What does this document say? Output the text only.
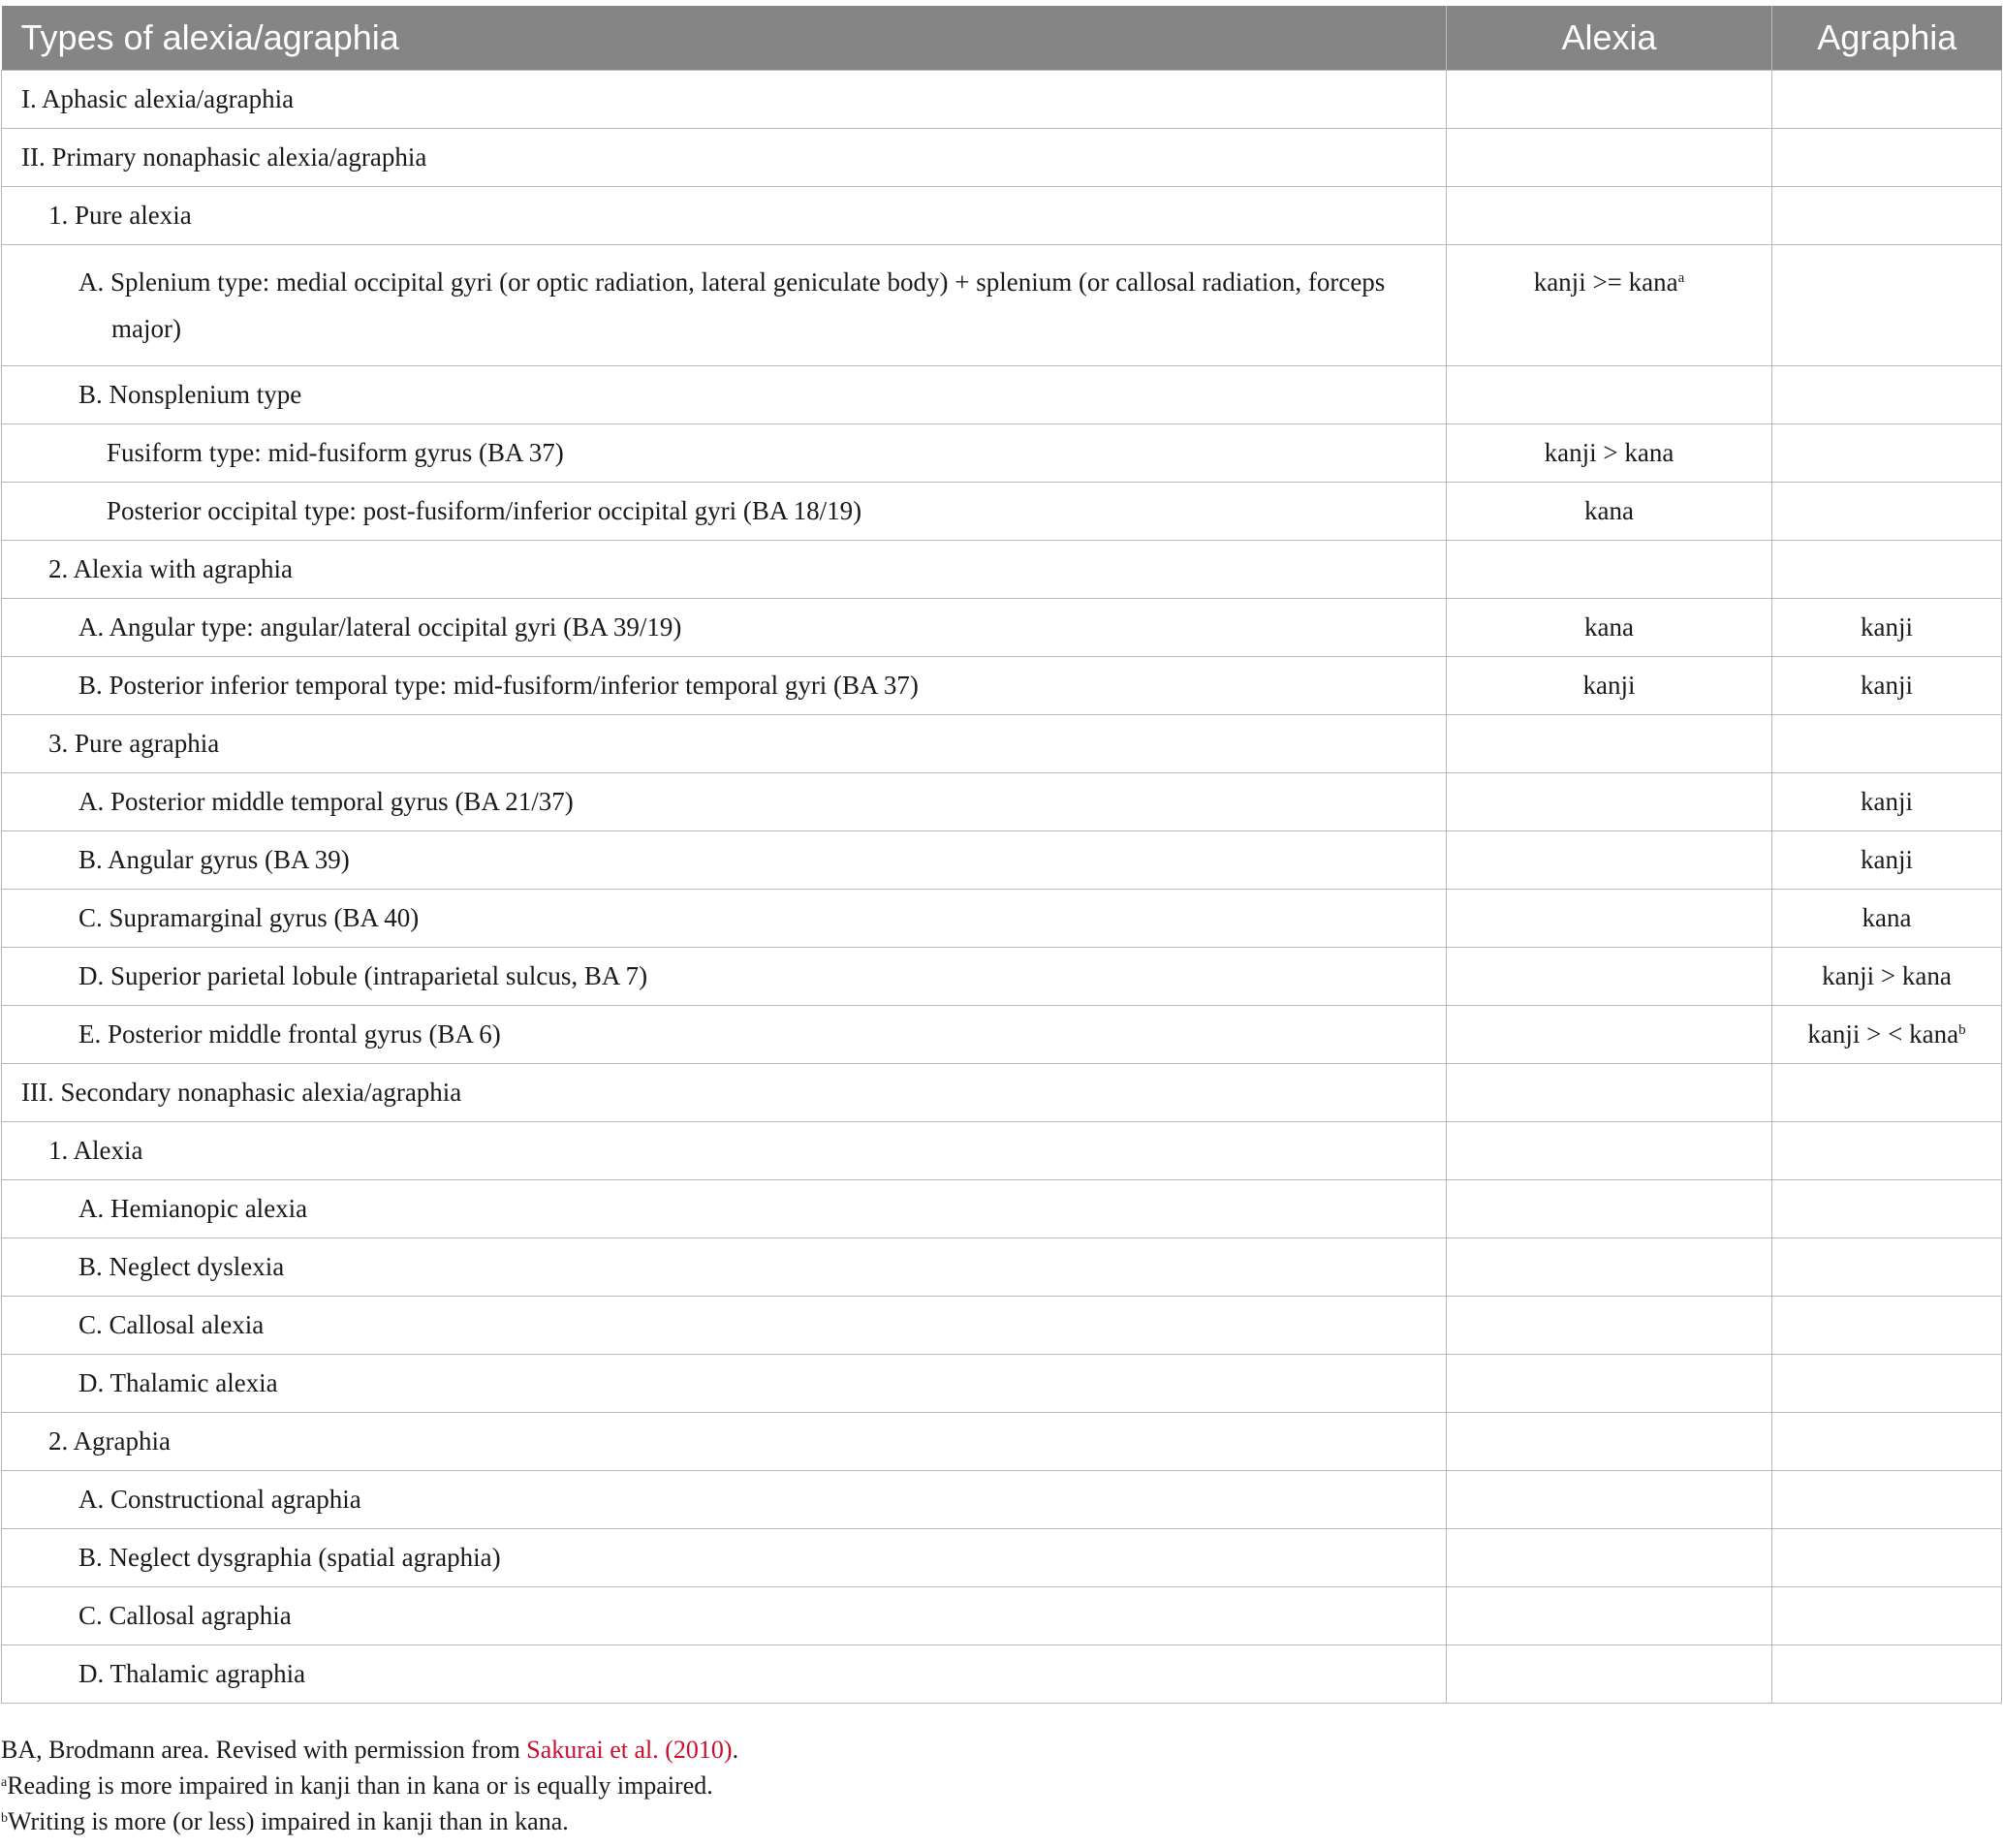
Types of alexia/agraphia	Alexia	Agraphia
I. Aphasic alexia/agraphia		
II. Primary nonaphasic alexia/agraphia		
1. Pure alexia		

A. Splenium type: medial occipital gyri (or optic radiation, lateral geniculate body) + splenium (or callosal radiation, forceps major)	kanji >= kana$^a$	
B. Nonsplenium type		
Fusiform type: mid-fusiform gyrus (BA 37)	kanji > kana	
Posterior occipital type: post-fusiform/inferior occipital gyri (BA 18/19)	kana	
2. Alexia with agraphia		
A. Angular type: angular/lateral occipital gyri (BA 39/19)	kana	kanji
B. Posterior inferior temporal type: mid-fusiform/inferior temporal gyri (BA 37)	kanji	kanji
3. Pure agraphia		
A. Posterior middle temporal gyrus (BA 21/37)		kanji
B. Angular gyrus (BA 39)		kanji
C. Supramarginal gyrus (BA 40)		kana
D. Superior parietal lobule (intraparietal sulcus, BA 7)		kanji > kana
E. Posterior middle frontal gyrus (BA 6)		kanji > < kana$^b$
III. Secondary nonaphasic alexia/agraphia		
1. Alexia		
A. Hemianopic alexia		
B. Neglect dyslexia		
C. Callosal alexia		
D. Thalamic alexia		
2. Agraphia		
A. Constructional agraphia		
B. Neglect dysgraphia (spatial agraphia)		
C. Callosal agraphia		
D. Thalamic agraphia		

BA, Brodmann area. Revised with permission from Sakurai et al. (2010).

$^a$Reading is more impaired in kanji than in kana or is equally impaired.

$^b$Writing is more (or less) impaired in kanji than in kana.
